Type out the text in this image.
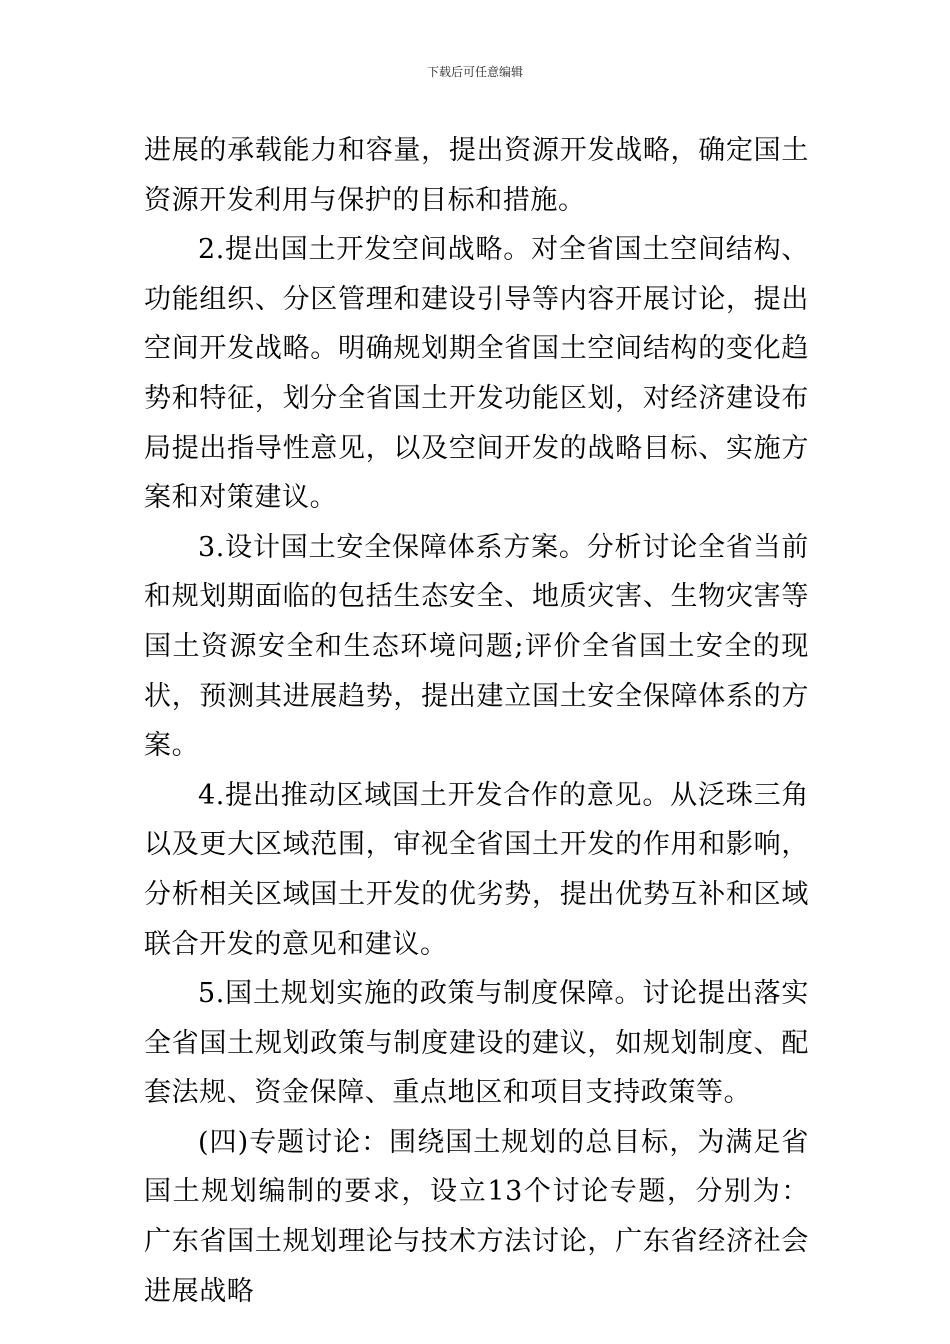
下载后可任意编辑

进展的承载能力和容量，提出资源开发战略，确定国土资源开发利用与保护的目标和措施。

2.提出国土开发空间战略。对全省国土空间结构、功能组织、分区管理和建设引导等内容开展讨论，提出空间开发战略。明确规划期全省国土空间结构的变化趋势和特征，划分全省国土开发功能区划，对经济建设布局提出指导性意见，以及空间开发的战略目标、实施方案和对策建议。

3.设计国土安全保障体系方案。分析讨论全省当前和规划期面临的包括生态安全、地质灾害、生物灾害等国土资源安全和生态环境问题;评价全省国土安全的现状，预测其进展趋势，提出建立国土安全保障体系的方案。

4.提出推动区域国土开发合作的意见。从泛珠三角以及更大区域范围，审视全省国土开发的作用和影响，分析相关区域国土开发的优劣势，提出优势互补和区域联合开发的意见和建议。

5.国土规划实施的政策与制度保障。讨论提出落实全省国土规划政策与制度建设的建议，如规划制度、配套法规、资金保障、重点地区和项目支持政策等。

(四)专题讨论：围绕国土规划的总目标，为满足省国土规划编制的要求，设立13个讨论专题，分别为：广东省国土规划理论与技术方法讨论，广东省经济社会进展战略
